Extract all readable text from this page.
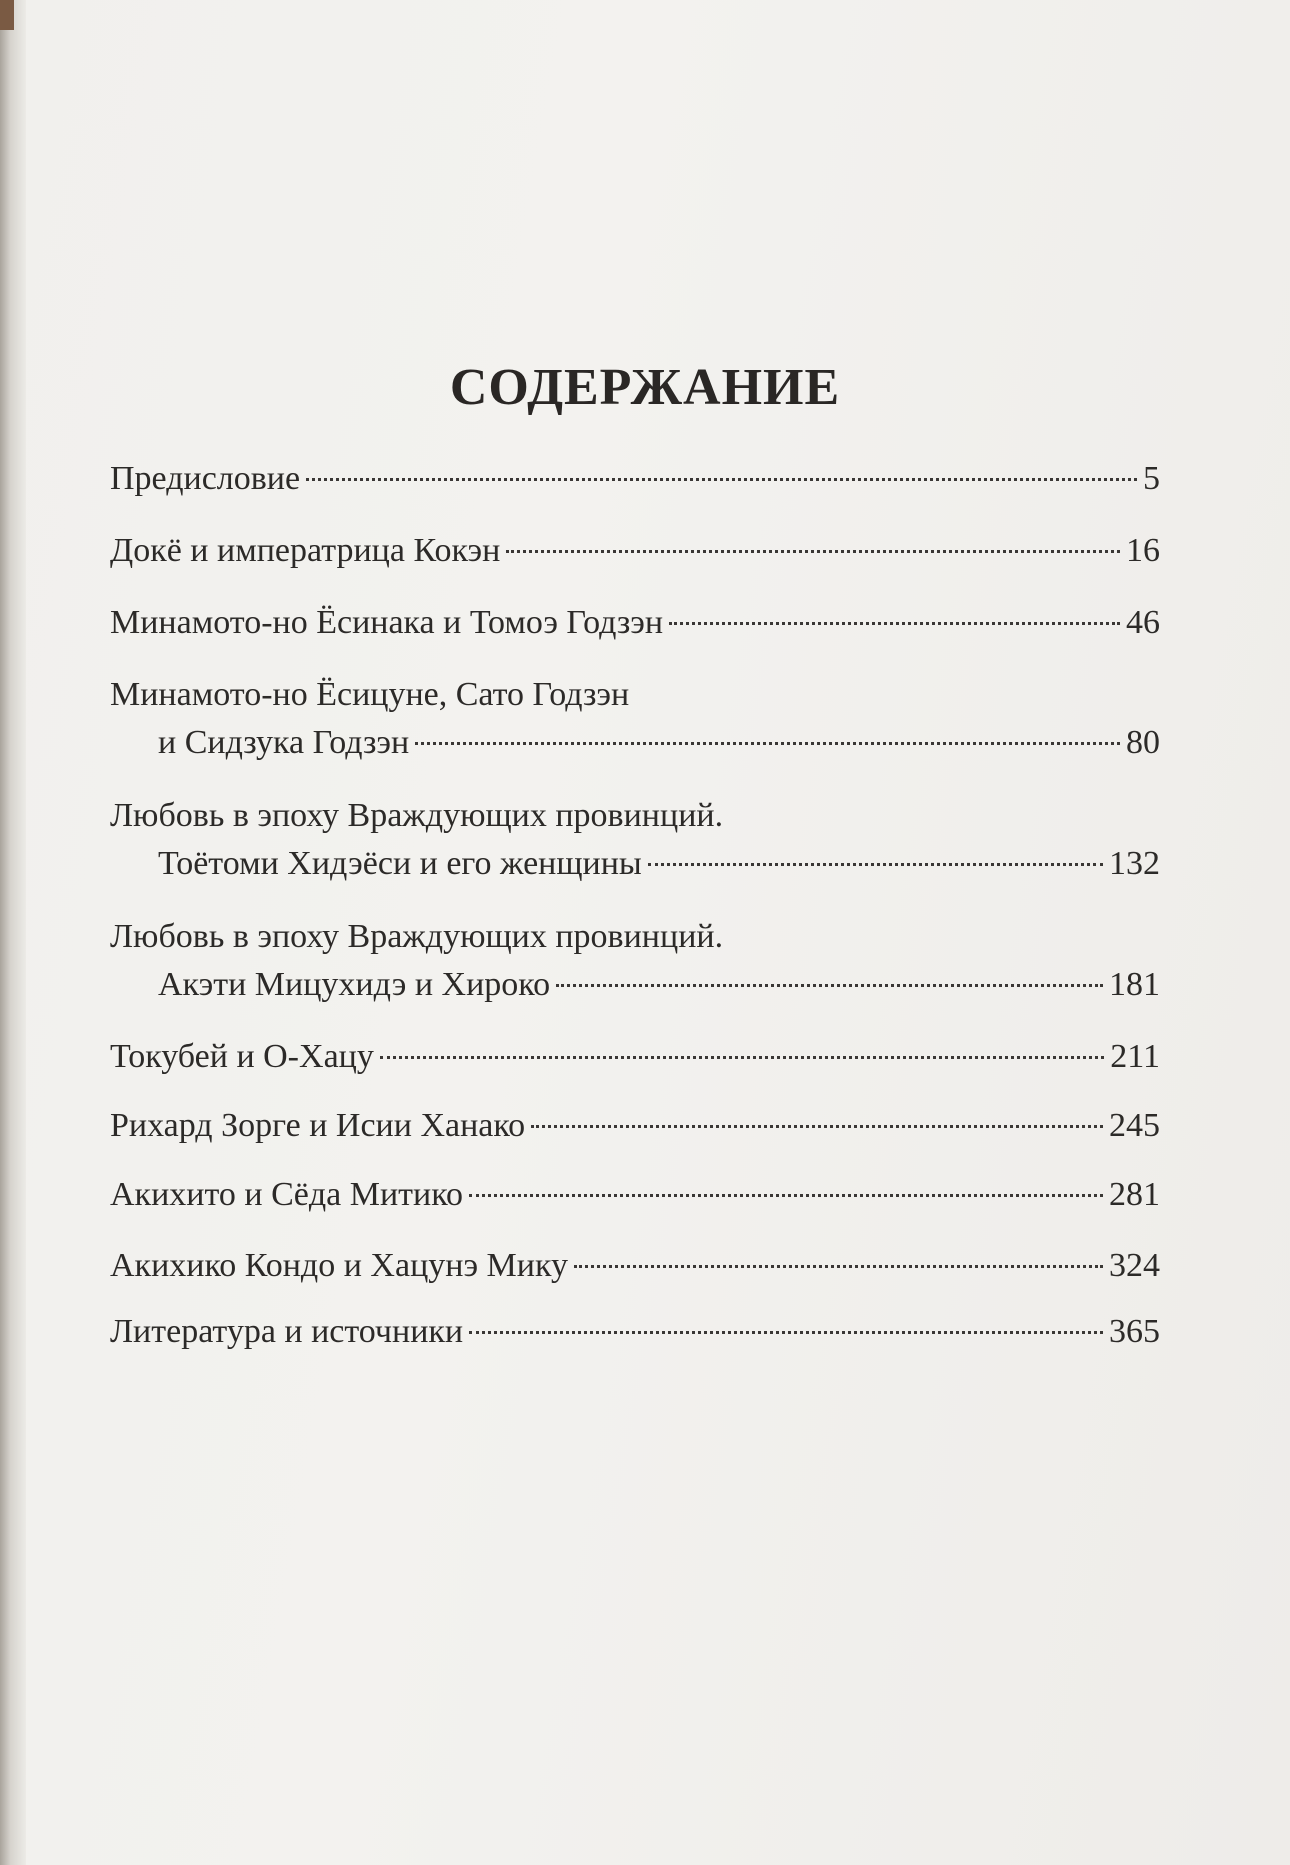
СОДЕРЖАНИЕ
Предисловие	5
Докё и императрица Кокэн	16
Минамото-но Ёсинака и Томоэ Годзэн	46
Минамото-но Ёсицуне, Сато Годзэн
и Сидзука Годзэн	80
Любовь в эпоху Враждующих провинций.
Тоётоми Хидэёси и его женщины	132
Любовь в эпоху Враждующих провинций.
Акэти Мицухидэ и Хироко	181
Токубей и О-Хацу	211
Рихард Зорге и Исии Ханако	245
Акихито и Сёда Митико	281
Акихико Кондо и Хацунэ Мику	324
Литература и источники	365
